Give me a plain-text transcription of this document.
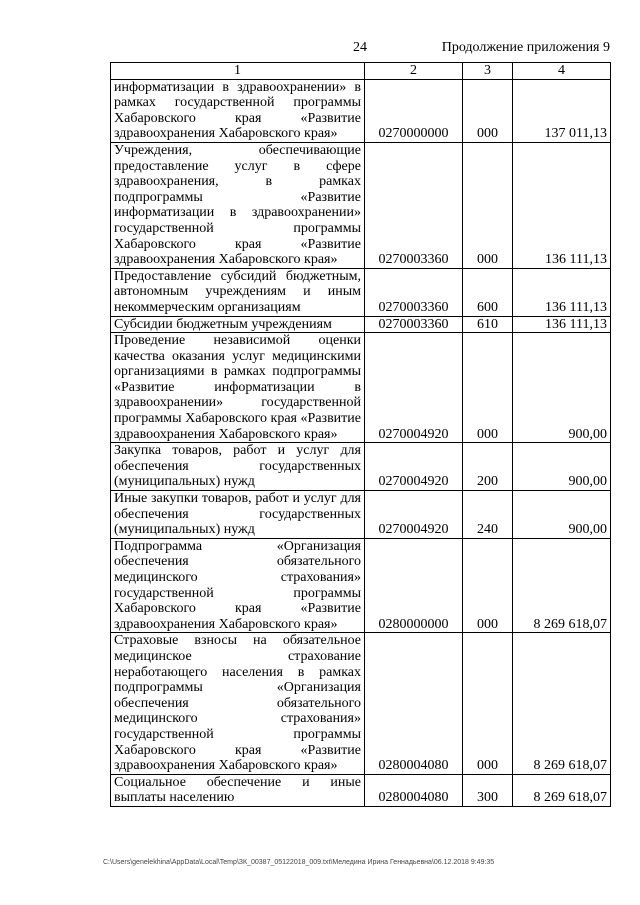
24	Продолжение приложения 9
1	2	3	4
информатизации в здравоохранении» в рамках государственной программы Хабаровского края «Развитие здравоохранения Хабаровского края»	0270000000	000	137 011,13
Учреждения, обеспечивающие предоставление услуг в сфере здравоохранения, в рамках подпрограммы «Развитие информатизации в здравоохранении» государственной программы Хабаровского края «Развитие здравоохранения Хабаровского края»	0270003360	000	136 111,13
Предоставление субсидий бюджетным, автономным учреждениям и иным некоммерческим организациям	0270003360	600	136 111,13
Субсидии бюджетным учреждениям	0270003360	610	136 111,13
Проведение независимой оценки качества оказания услуг медицинскими организациями в рамках подпрограммы «Развитие информатизации в здравоохранении» государственной программы Хабаровского края «Развитие здравоохранения Хабаровского края»	0270004920	000	900,00
Закупка товаров, работ и услуг для обеспечения государственных (муниципальных) нужд	0270004920	200	900,00
Иные закупки товаров, работ и услуг для обеспечения государственных (муниципальных) нужд	0270004920	240	900,00
Подпрограмма «Организация обеспечения обязательного медицинского страхования» государственной программы Хабаровского края «Развитие здравоохранения Хабаровского края»	0280000000	000	8 269 618,07
Страховые взносы на обязательное медицинское страхование неработающего населения в рамках подпрограммы «Организация обеспечения обязательного медицинского страхования» государственной программы Хабаровского края «Развитие здравоохранения Хабаровского края»	0280004080	000	8 269 618,07
Социальное обеспечение и иные выплаты населению	0280004080	300	8 269 618,07
C:\Users\genelekhina\AppData\Local\Temp\ЗК_00387_05122018_009.txt\Меледина Ирина Геннадьевна\06.12.2018 9:49:35
